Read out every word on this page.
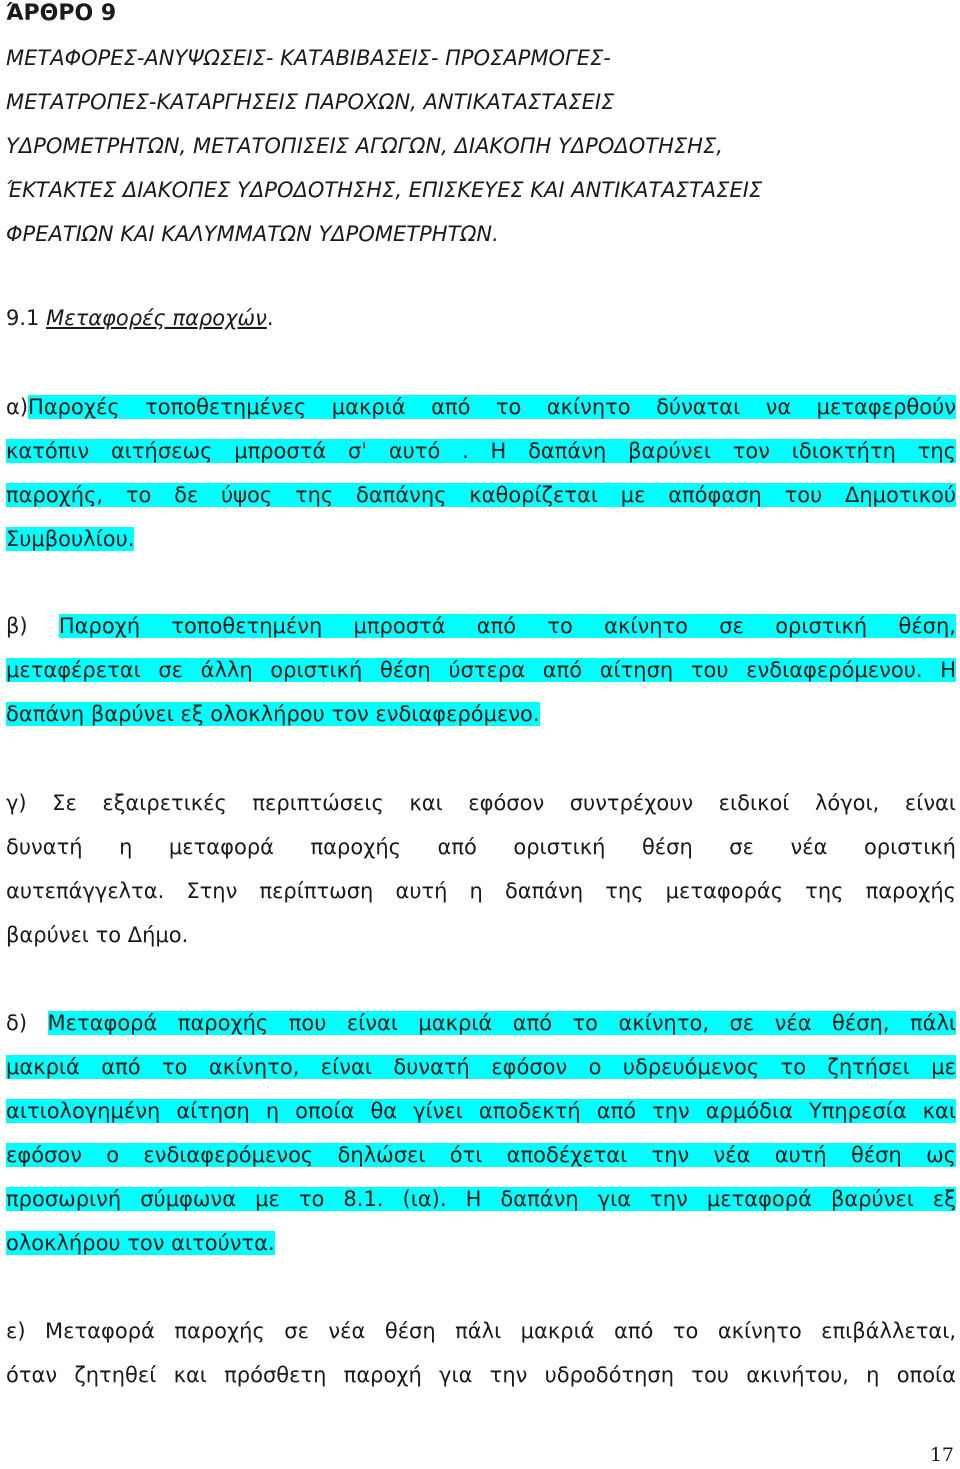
ΆΡΘΡΟ 9
ΜΕΤΑΦΟΡΕΣ-ΑΝΥΨΩΣΕΙΣ- ΚΑΤΑΒΙΒΑΣΕΙΣ- ΠΡΟΣΑΡΜΟΓΕΣ-
ΜΕΤΑΤΡΟΠΕΣ-ΚΑΤΑΡΓΗΣΕΙΣ ΠΑΡΟΧΩΝ, ΑΝΤΙΚΑΤΑΣΤΑΣΕΙΣ
ΥΔΡΟΜΕΤΡΗΤΩΝ, ΜΕΤΑΤΟΠΙΣΕΙΣ ΑΓΩΓΩΝ, ΔΙΑΚΟΠΗ ΥΔΡΟΔΟΤΗΣΗΣ,
ΈΚΤΑΚΤΕΣ ΔΙΑΚΟΠΕΣ ΥΔΡΟΔΟΤΗΣΗΣ, ΕΠΙΣΚΕΥΕΣ ΚΑΙ ΑΝΤΙΚΑΤΑΣΤΑΣΕΙΣ
ΦΡΕΑΤΙΩΝ ΚΑΙ ΚΑΛΥΜΜΑΤΩΝ ΥΔΡΟΜΕΤΡΗΤΩΝ.
9.1 Μεταφορές παροχών.
α)Παροχές τοποθετημένες μακριά από το ακίνητο δύναται να μεταφερθούν
κατόπιν αιτήσεως μπροστά σ' αυτό . Η δαπάνη βαρύνει τον ιδιοκτήτη της
παροχής, το δε ύψος της δαπάνης καθορίζεται με απόφαση του Δημοτικού
Συμβουλίου.
β) Παροχή τοποθετημένη μπροστά από το ακίνητο σε οριστική θέση,
μεταφέρεται σε άλλη οριστική θέση ύστερα από αίτηση του ενδιαφερόμενου. Η
δαπάνη βαρύνει εξ ολοκλήρου τον ενδιαφερόμενο.
γ) Σε εξαιρετικές περιπτώσεις και εφόσον συντρέχουν ειδικοί λόγοι, είναι
δυνατή η μεταφορά παροχής από οριστική θέση σε νέα οριστική
αυτεπάγγελτα. Στην περίπτωση αυτή η δαπάνη της μεταφοράς της παροχής
βαρύνει το Δήμο.
δ) Μεταφορά παροχής που είναι μακριά από το ακίνητο, σε νέα θέση, πάλι
μακριά από το ακίνητο, είναι δυνατή εφόσον ο υδρευόμενος το ζητήσει με
αιτιολογημένη αίτηση η οποία θα γίνει αποδεκτή από την αρμόδια Υπηρεσία και
εφόσον ο ενδιαφερόμενος δηλώσει ότι αποδέχεται την νέα αυτή θέση ως
προσωρινή σύμφωνα με το 8.1. (ια). Η δαπάνη για την μεταφορά βαρύνει εξ
ολοκλήρου τον αιτούντα.
ε) Μεταφορά παροχής σε νέα θέση πάλι μακριά από το ακίνητο επιβάλλεται,
όταν ζητηθεί και πρόσθετη παροχή για την υδροδότηση του ακινήτου, η οποία
17
